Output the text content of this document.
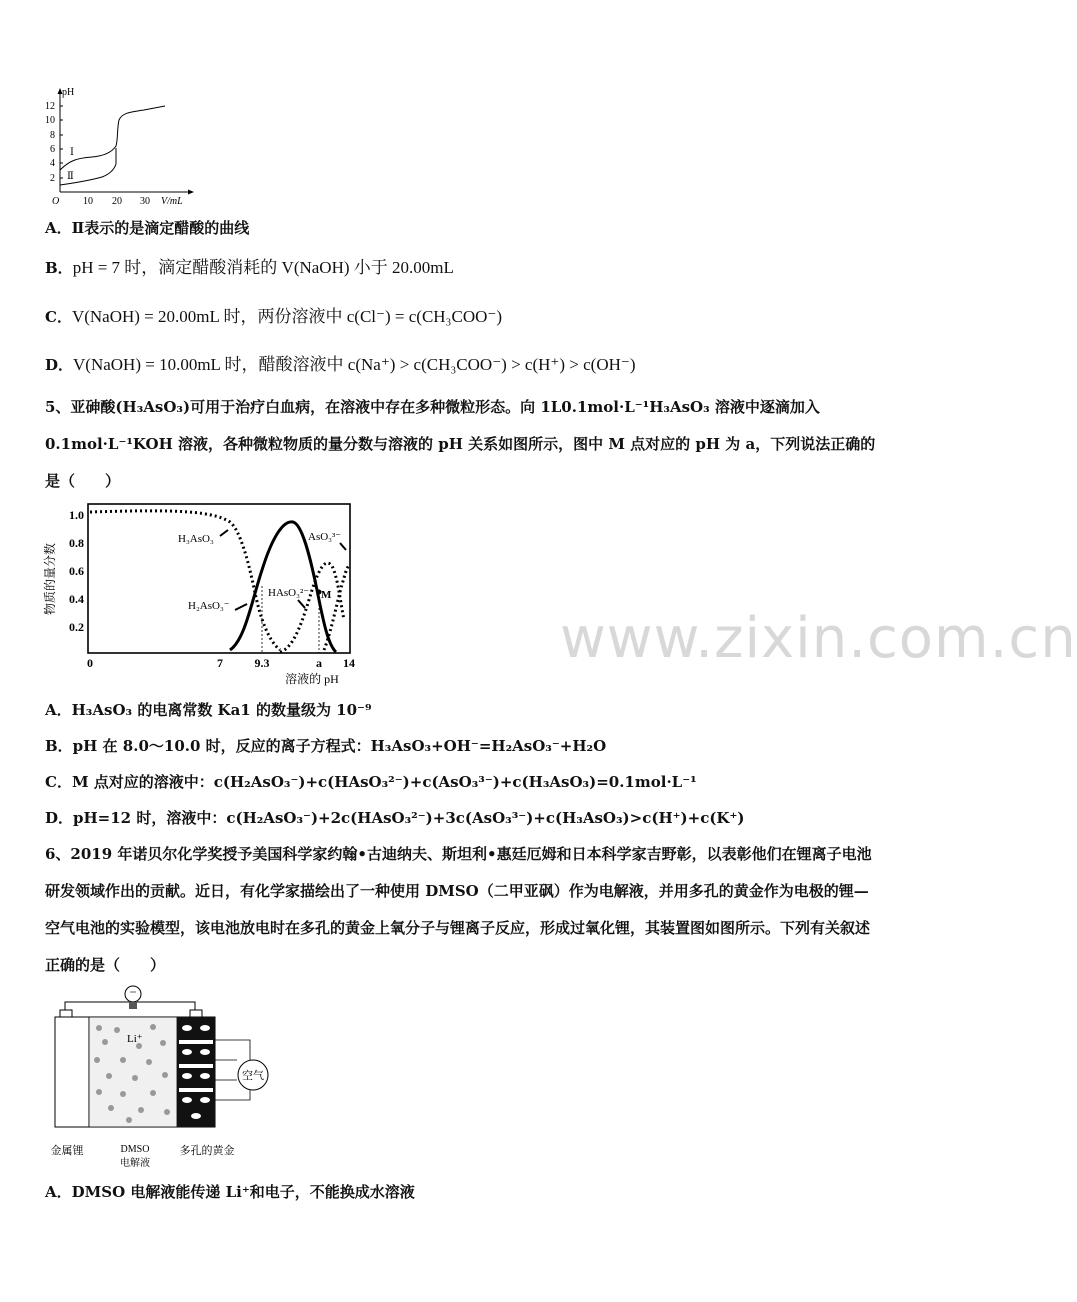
12
10
8
6
4
2
pH
O 10 20 30 V/mL
Ⅰ
Ⅱ
A．Ⅱ表示的是滴定醋酸的曲线
B．pH = 7 时，滴定醋酸消耗的 V(NaOH) 小于 20.00mL
C．V(NaOH) = 20.00mL 时，两份溶液中 c(Cl⁻) = c(CH₃COO⁻)
D．V(NaOH) = 10.00mL 时，醋酸溶液中 c(Na⁺) > c(CH₃COO⁻) > c(H⁺) > c(OH⁻)
5、亚砷酸(H₃AsO₃)可用于治疗白血病，在溶液中存在多种微粒形态。向 1L0.1mol·L⁻¹H₃AsO₃ 溶液中逐滴加入 0.1mol·L⁻¹KOH 溶液，各种微粒物质的量分数与溶液的 pH 关系如图所示，图中 M 点对应的 pH 为 a，下列说法正确的是（　　）
物质的量分数
1.0
0.8
0.6
0.4
0.2
0	7	9.3	a 14
溶液的 pH
H₃AsO₃
H₂AsO₃⁻
HAsO₃²⁻
AsO₃³⁻
M
A．H₃AsO₃ 的电离常数 Ka1 的数量级为 10⁻⁹
B．pH 在 8.0～10.0 时，反应的离子方程式：H₃AsO₃+OH⁻=H₂AsO₃⁻+H₂O
C．M 点对应的溶液中：c(H₂AsO₃⁻)+c(HAsO₃²⁻)+c(AsO₃³⁻)+c(H₃AsO₃)=0.1mol·L⁻¹
D．pH=12 时，溶液中：c(H₂AsO₃⁻)+2c(HAsO₃²⁻)+3c(AsO₃³⁻)+c(H₃AsO₃)>c(H⁺)+c(K⁺)
6、2019 年诺贝尔化学奖授予美国科学家约翰•古迪纳夫、斯坦利•惠廷厄姆和日本科学家吉野彰，以表彰他们在锂离子电池研发领域作出的贡献。近日，有化学家描绘出了一种使用 DMSO（二甲亚砜）作为电解液，并用多孔的黄金作为电极的锂—空气电池的实验模型，该电池放电时在多孔的黄金上氧分子与锂离子反应，形成过氧化锂，其装置图如图所示。下列有关叙述正确的是（　　）
Li⁺
空气
金属锂	DMSO
电解液
多孔的黄金
A．DMSO 电解液能传递 Li⁺和电子，不能换成水溶液
www.zixin.com.cn
